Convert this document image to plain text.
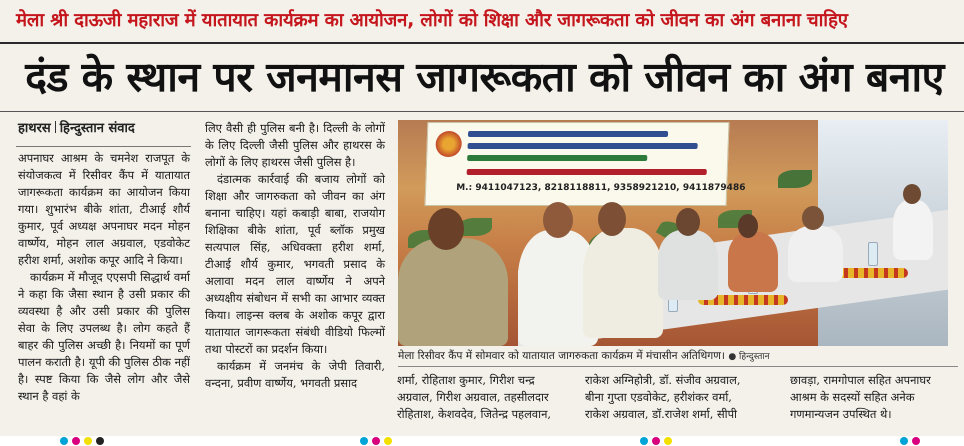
मेला श्री दाऊजी महाराज में यातायात कार्यक्रम का आयोजन, लोगों को शिक्षा और जागरूकता को जीवन का अंग बनाना चाहिए
दंड के स्थान पर जनमानस जागरूकता को जीवन का अंग बनाए
हाथरस हिन्दुस्तान संवाद

अपनाघर आश्रम के चमनेश राजपूत के संयोजकत्व में रिसीवर कैंप में यातायात जागरूकता कार्यक्रम का आयोजन किया गया। शुभारंभ बीके शांता, टीआई शौर्य कुमार, पूर्व अध्यक्ष अपनाघर मदन मोहन वार्ष्णेय, मोहन लाल अग्रवाल, एडवोकेट हरीश शर्मा, अशोक कपूर आदि ने किया।

कार्यक्रम में मौजूद एएसपी सिद्धार्थ वर्मा ने कहा कि जैसा स्थान है उसी प्रकार की व्यवस्था है और उसी प्रकार की पुलिस सेवा के लिए उपलब्ध है। लोग कहते हैं बाहर की पुलिस अच्छी है। नियमों का पूर्ण पालन कराती है। यूपी की पुलिस ठीक नहीं है। स्पष्ट किया कि जैसे लोग और जैसे स्थान है वहां के

लिए वैसी ही पुलिस बनी है। दिल्ली के लोगों के लिए दिल्ली जैसी पुलिस और हाथरस के लोगों के लिए हाथरस जैसी पुलिस है।

दंडात्मक कार्रवाई की बजाय लोगों को शिक्षा और जागरुकता को जीवन का अंग बनाना चाहिए। यहां कबाड़ी बाबा, राजयोग शिक्षिका बीके शांता, पूर्व ब्लॉक प्रमुख सत्यपाल सिंह, अधिवक्ता हरीश शर्मा, टीआई शौर्य कुमार, भगवती प्रसाद के अलावा मदन लाल वार्ष्णेय ने अपने अध्यक्षीय संबोधन में सभी का आभार व्यक्त किया। लाइन्स क्लब के अशोक कपूर द्वारा यातायात जागरूकता संबंधी वीडियो फिल्मों तथा पोस्टरों का प्रदर्शन किया।

कार्यक्रम में जनमंच के जेपी तिवारी, वन्दना, प्रवीण वार्ष्णेय, भगवती प्रसाद

M.: 9411047123, 8218118811, 9358921210, 9411879486
मेला रिसीवर कैंप में सोमवार को यातायात जागरुकता कार्यक्रम में मंचासीन अतिथिगण। ● हिन्दुस्तान

शर्मा, रोहिताश कुमार, गिरीश चन्द्र

अग्रवाल, गिरीश अग्रवाल, तहसीलदार

रोहिताश, केशवदेव, जितेन्द्र पहलवान,

राकेश अग्निहोत्री, डॉ. संजीव अग्रवाल,

बीना गुप्ता एडवोकेट, हरीशंकर वर्मा,

राकेश अग्रवाल, डॉ.राजेश शर्मा, सीपी

छावड़ा, रामगोपाल सहित अपनाघर

आश्रम के सदस्यों सहित अनेक

गणमान्यजन उपस्थित थे।
